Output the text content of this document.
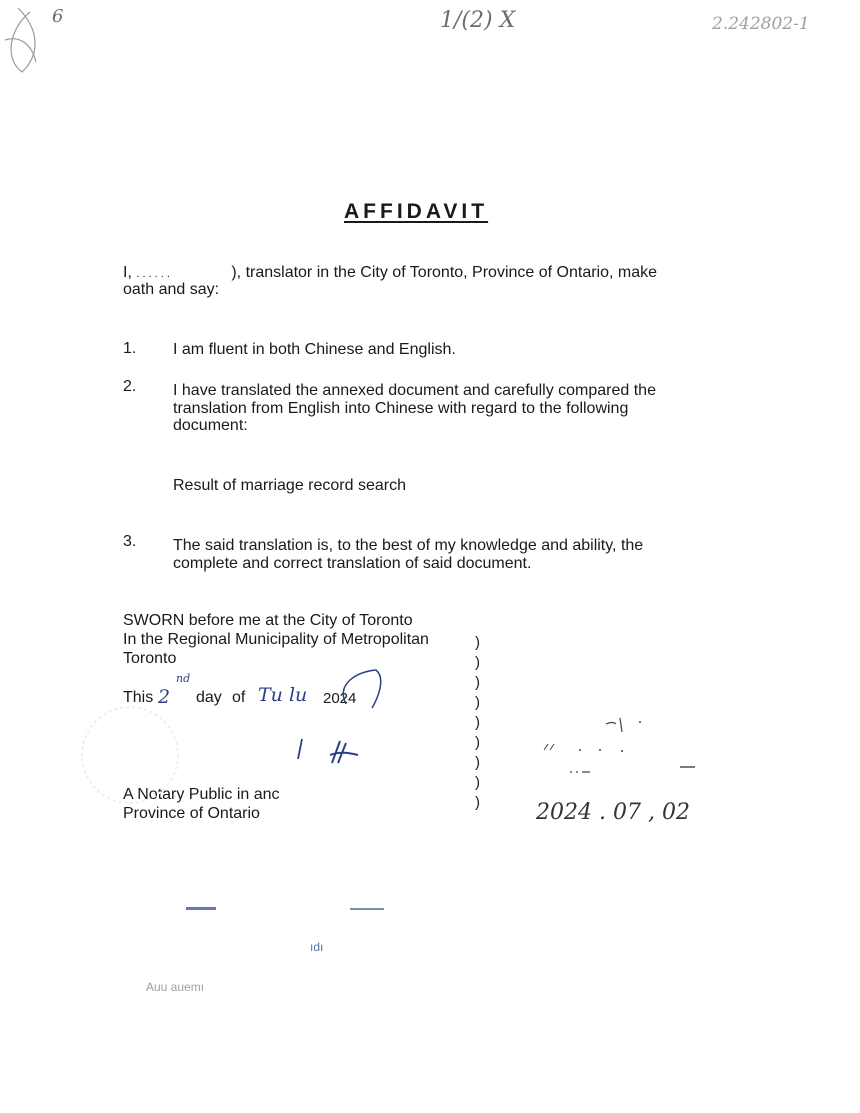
6	1/(2) X	2.242802-1
AFFIDAVIT
I, . . . . . .	), translator in the City of Toronto, Province of Ontario, make
oath and say:
1. I am fluent in both Chinese and English.
2. I have translated the annexed document and carefully compared the
translation from English into Chinese with regard to the following
document:
Result of marriage record search
3. The said translation is, to the best of my knowledge and ability, the
complete and correct translation of said document.
SWORN before me at the City of Toronto
In the Regional Municipality of Metropolitan
Toronto
This 2
nd
day of Tu lu 2024
A Notary Public in anc
Province of Ontario
)
)
)
)
)
)
)
)
)	2024 . 07 , 02
ıdı
Auu auemı
